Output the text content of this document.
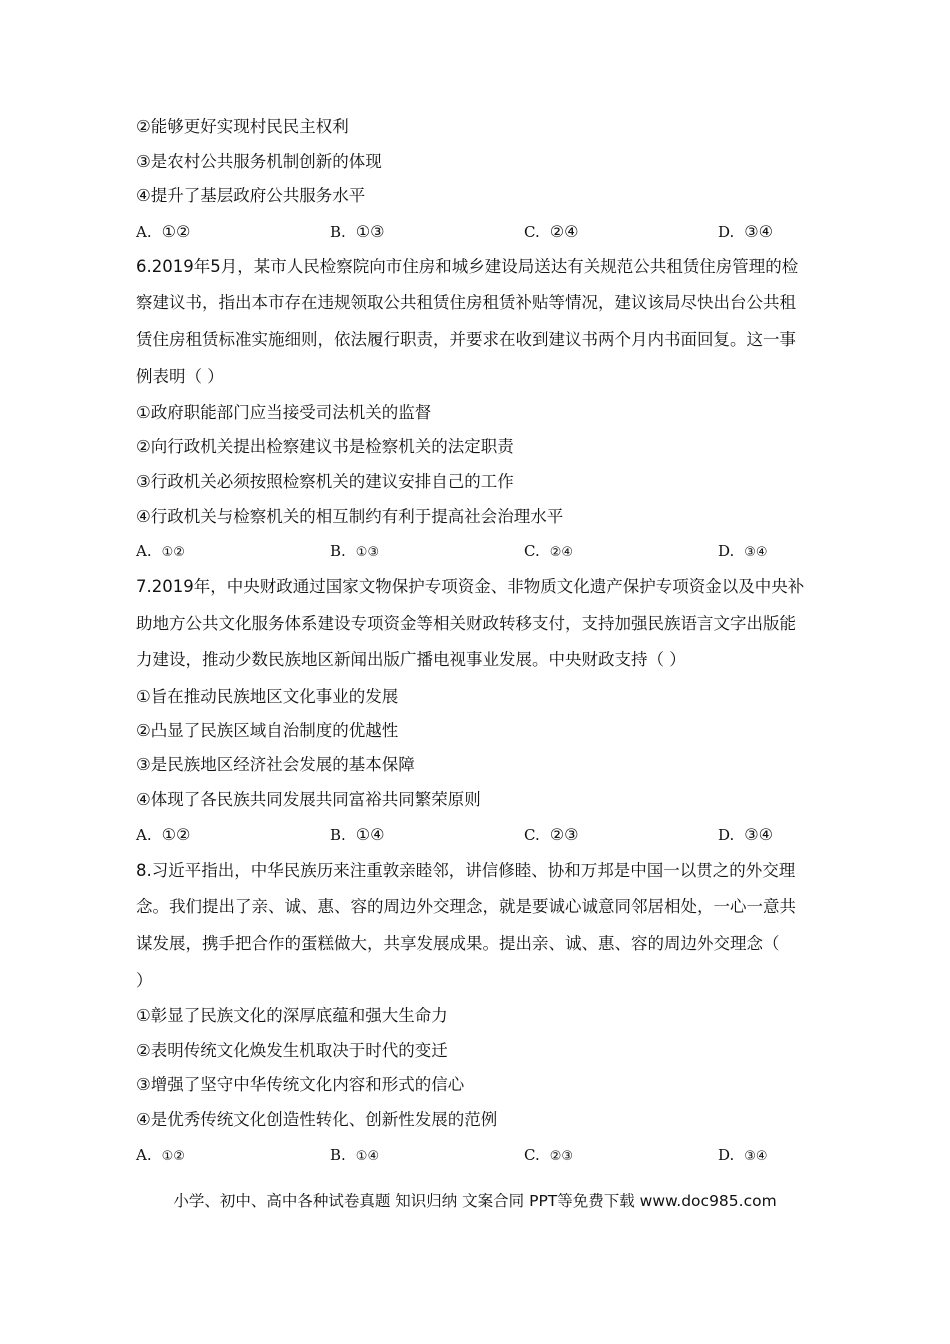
②能够更好实现村民民主权利
③是农村公共服务机制创新的体现
④提升了基层政府公共服务水平
A. ①②	B. ①③	C. ②④	D. ③④
6.2019年5月，某市人民检察院向市住房和城乡建设局送达有关规范公共租赁住房管理的检
察建议书，指出本市存在违规领取公共租赁住房租赁补贴等情况，建议该局尽快出台公共租
赁住房租赁标准实施细则，依法履行职责，并要求在收到建议书两个月内书面回复。这一事
例表明（ ）
①政府职能部门应当接受司法机关的监督
②向行政机关提出检察建议书是检察机关的法定职责
③行政机关必须按照检察机关的建议安排自己的工作
④行政机关与检察机关的相互制约有利于提高社会治理水平
A. ①②	B. ①③	C. ②④	D. ③④
7.2019年，中央财政通过国家文物保护专项资金、非物质文化遗产保护专项资金以及中央补
助地方公共文化服务体系建设专项资金等相关财政转移支付，支持加强民族语言文字出版能
力建设，推动少数民族地区新闻出版广播电视事业发展。中央财政支持（ ）
①旨在推动民族地区文化事业的发展
②凸显了民族区域自治制度的优越性
③是民族地区经济社会发展的基本保障
④体现了各民族共同发展共同富裕共同繁荣原则
A. ①②	B. ①④	C. ②③	D. ③④
8.习近平指出，中华民族历来注重敦亲睦邻，讲信修睦、协和万邦是中国一以贯之的外交理
念。我们提出了亲、诚、惠、容的周边外交理念，就是要诚心诚意同邻居相处，一心一意共
谋发展，携手把合作的蛋糕做大，共享发展成果。提出亲、诚、惠、容的周边外交理念（
）
①彰显了民族文化的深厚底蕴和强大生命力
②表明传统文化焕发生机取决于时代的变迁
③增强了坚守中华传统文化内容和形式的信心
④是优秀传统文化创造性转化、创新性发展的范例
A. ①②	B. ①④	C. ②③	D. ③④
小学、初中、高中各种试卷真题 知识归纳 文案合同 PPT等免费下载 www.doc985.com
